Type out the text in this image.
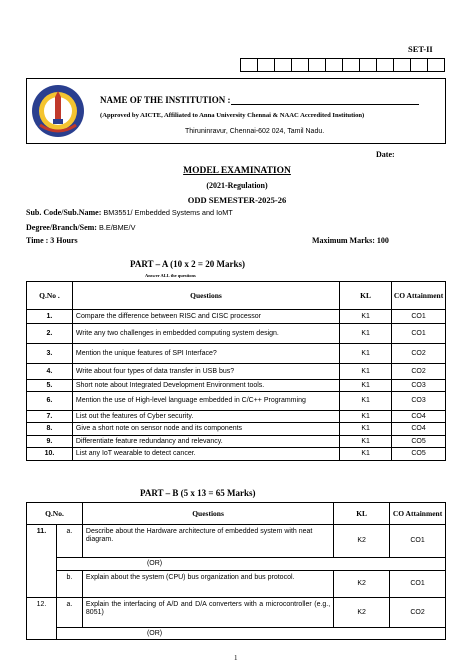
SET-II
NAME OF THE INSTITUTION :
(Approved by AICTE, Affiliated to Anna University Chennai & NAAC Accredited Institution)
Thiruninravur, Chennai-602 024, Tamil Nadu.
Date:
MODEL EXAMINATION
(2021-Regulation)
ODD SEMESTER-2025-26
Sub. Code/Sub.Name: BM3551/ Embedded Systems and IoMT
Degree/Branch/Sem: B.E/BME/V
Time : 3 Hours	Maximum Marks: 100
PART – A (10 x 2 = 20 Marks)
Answer ALL the questions
Q.No .	Questions	KL	CO Attainment
1.	Compare the difference between RISC and CISC processor	K1	CO1
2.	Write any two challenges in embedded computing system design.	K1	CO1
3.	Mention the unique features of SPI Interface?	K1	CO2
4.	Write about four types of data transfer in USB bus?	K1	CO2
5.	Short note about Integrated Development Environment tools.	K1	CO3
6.	Mention the use of High-level language embedded in C/C++ Programming	K1	CO3
7.	List out the features of Cyber security.	K1	CO4
8.	Give a short note on sensor node and its components	K1	CO4
9.	Differentiate feature redundancy and relevancy.	K1	CO5
10.	List any IoT wearable to detect cancer.	K1	CO5
PART – B (5 x 13 = 65 Marks)
Q.No.		Questions	KL	CO Attainment
11.	a.	Describe about the Hardware architecture of embedded system with neat diagram.	K2	CO1
	(OR)			
	b.	Explain about the system (CPU) bus organization and bus protocol.	K2	CO1
12.	a.	Explain the interfacing of A/D and D/A converters with a microcontroller (e.g., 8051)	K2	CO2
	(OR)			
1
